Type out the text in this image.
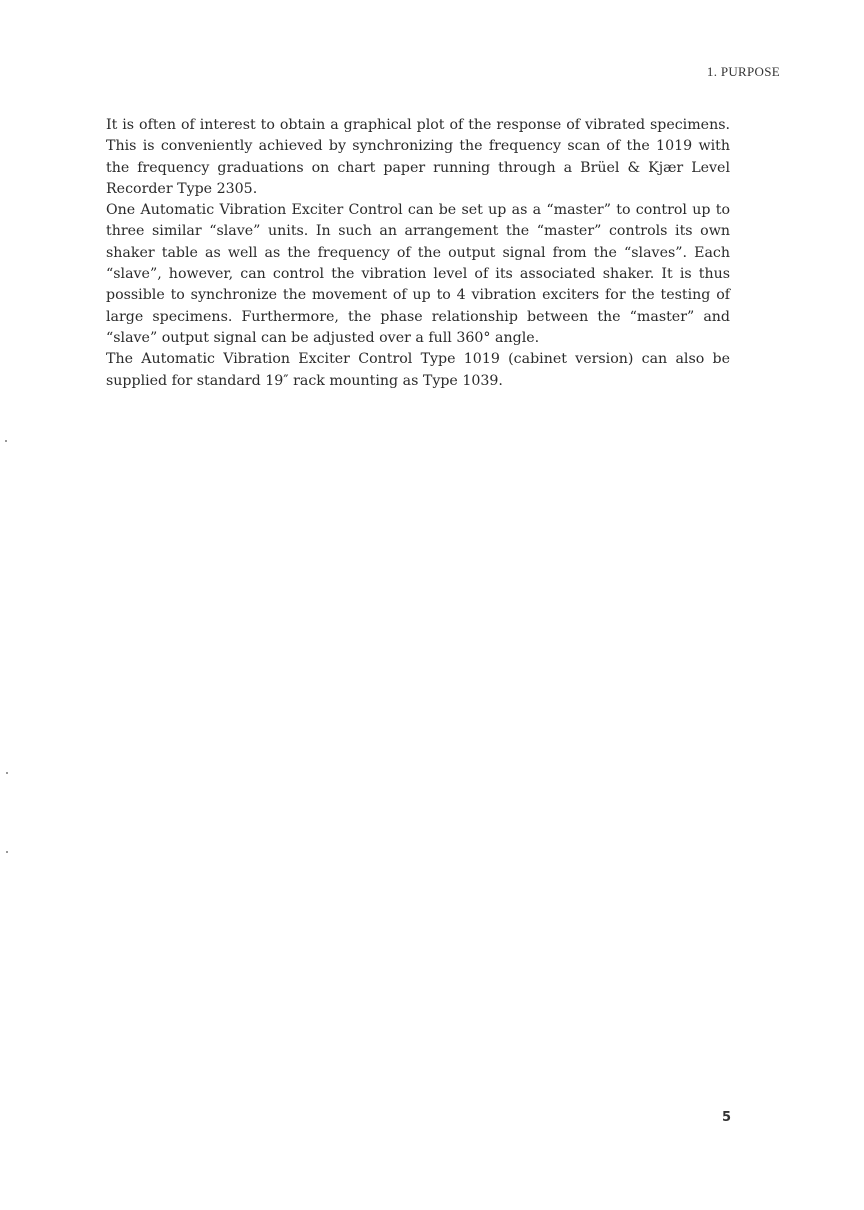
1. PURPOSE

It is often of interest to obtain a graphical plot of the response of vibrated specimens. This is conveniently achieved by synchronizing the frequency scan of the 1019 with the frequency graduations on chart paper running through a Brüel & Kjær Level Recorder Type 2305.

One Automatic Vibration Exciter Control can be set up as a “master” to control up to three similar “slave” units. In such an arrangement the “master” controls its own shaker table as well as the frequency of the output signal from the “slaves”. Each “slave”, however, can control the vibration level of its associated shaker. It is thus possible to synchronize the movement of up to 4 vibration exciters for the testing of large specimens. Furthermore, the phase relationship between the “master” and “slave” output signal can be adjusted over a full 360° angle.

The Automatic Vibration Exciter Control Type 1019 (cabinet version) can also be supplied for standard 19″ rack mounting as Type 1039.

5
